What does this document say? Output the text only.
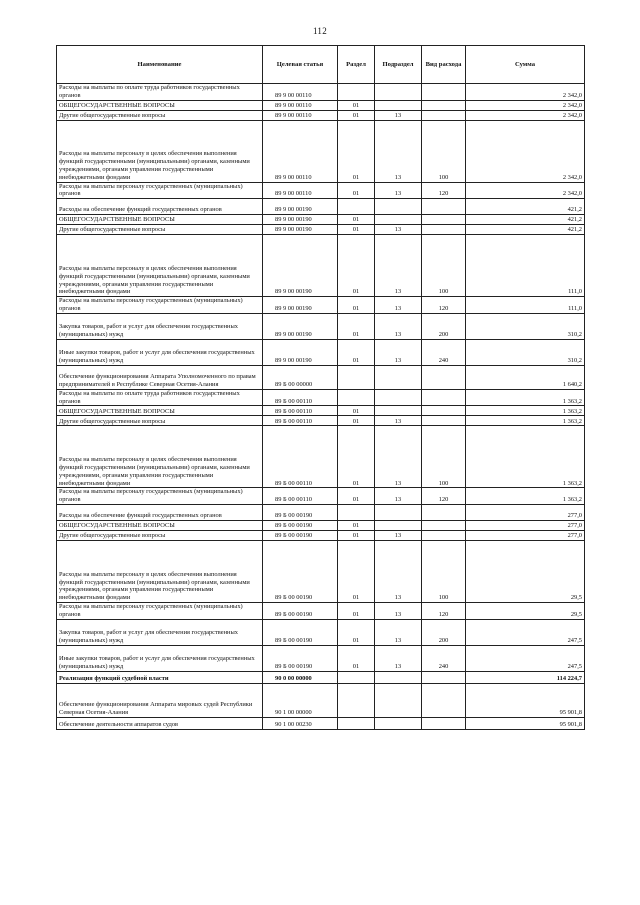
112
Наименование	Целевая статья	Раздел	Подраздел	Вид расхода	Сумма
Расходы на выплаты по оплате труда работников государственных органов	89 9 00 00110				2 342,0
ОБЩЕГОСУДАРСТВЕННЫЕ ВОПРОСЫ	89 9 00 00110	01			2 342,0
Другие общегосударственные вопросы	89 9 00 00110	01	13		2 342,0
Расходы на выплаты персоналу в целях обеспечения выполнения функций государственными (муниципальными) органами, казенными учреждениями, органами управления государственными внебюджетными фондами	89 9 00 00110	01	13	100	2 342,0
Расходы на выплаты персоналу государственных (муниципальных) органов	89 9 00 00110	01	13	120	2 342,0
Расходы на обеспечение функций государственных органов	89 9 00 00190				421,2
ОБЩЕГОСУДАРСТВЕННЫЕ ВОПРОСЫ	89 9 00 00190	01			421,2
Другие общегосударственные вопросы	89 9 00 00190	01	13		421,2
Расходы на выплаты персоналу в целях обеспечения выполнения функций государственными (муниципальными) органами, казенными учреждениями, органами управления государственными внебюджетными фондами	89 9 00 00190	01	13	100	111,0
Расходы на выплаты персоналу государственных (муниципальных) органов	89 9 00 00190	01	13	120	111,0
Закупка товаров, работ и услуг для обеспечения государственных (муниципальных) нужд	89 9 00 00190	01	13	200	310,2
Иные закупки товаров, работ и услуг для обеспечения государственных (муниципальных) нужд	89 9 00 00190	01	13	240	310,2
Обеспечение функционирования Аппарата Уполномоченного по правам предпринимателей в Республике Северная Осетия-Алания	89 Б 00 00000				1 640,2
Расходы на выплаты по оплате труда работников государственных органов	89 Б 00 00110				1 363,2
ОБЩЕГОСУДАРСТВЕННЫЕ ВОПРОСЫ	89 Б 00 00110	01			1 363,2
Другие общегосударственные вопросы	89 Б 00 00110	01	13		1 363,2
Расходы на выплаты персоналу в целях обеспечения выполнения функций государственными (муниципальными) органами, казенными учреждениями, органами управления государственными внебюджетными фондами	89 Б 00 00110	01	13	100	1 363,2
Расходы на выплаты персоналу государственных (муниципальных) органов	89 Б 00 00110	01	13	120	1 363,2
Расходы на обеспечение функций государственных органов	89 Б 00 00190				277,0
ОБЩЕГОСУДАРСТВЕННЫЕ ВОПРОСЫ	89 Б 00 00190	01			277,0
Другие общегосударственные вопросы	89 Б 00 00190	01	13		277,0
Расходы на выплаты персоналу в целях обеспечения выполнения функций государственными (муниципальными) органами, казенными учреждениями, органами управления государственными внебюджетными фондами	89 Б 00 00190	01	13	100	29,5
Расходы на выплаты персоналу государственных (муниципальных) органов	89 Б 00 00190	01	13	120	29,5
Закупка товаров, работ и услуг для обеспечения государственных (муниципальных) нужд	89 Б 00 00190	01	13	200	247,5
Иные закупки товаров, работ и услуг для обеспечения государственных (муниципальных) нужд	89 Б 00 00190	01	13	240	247,5
Реализация функций судебной власти	90 0 00 00000				114 224,7
Обеспечение функционирования Аппарата мировых судей Республики Северная Осетия-Алания	90 1 00 00000				95 901,8
Обеспечение деятельности аппаратов судов	90 1 00 00230				95 901,8
